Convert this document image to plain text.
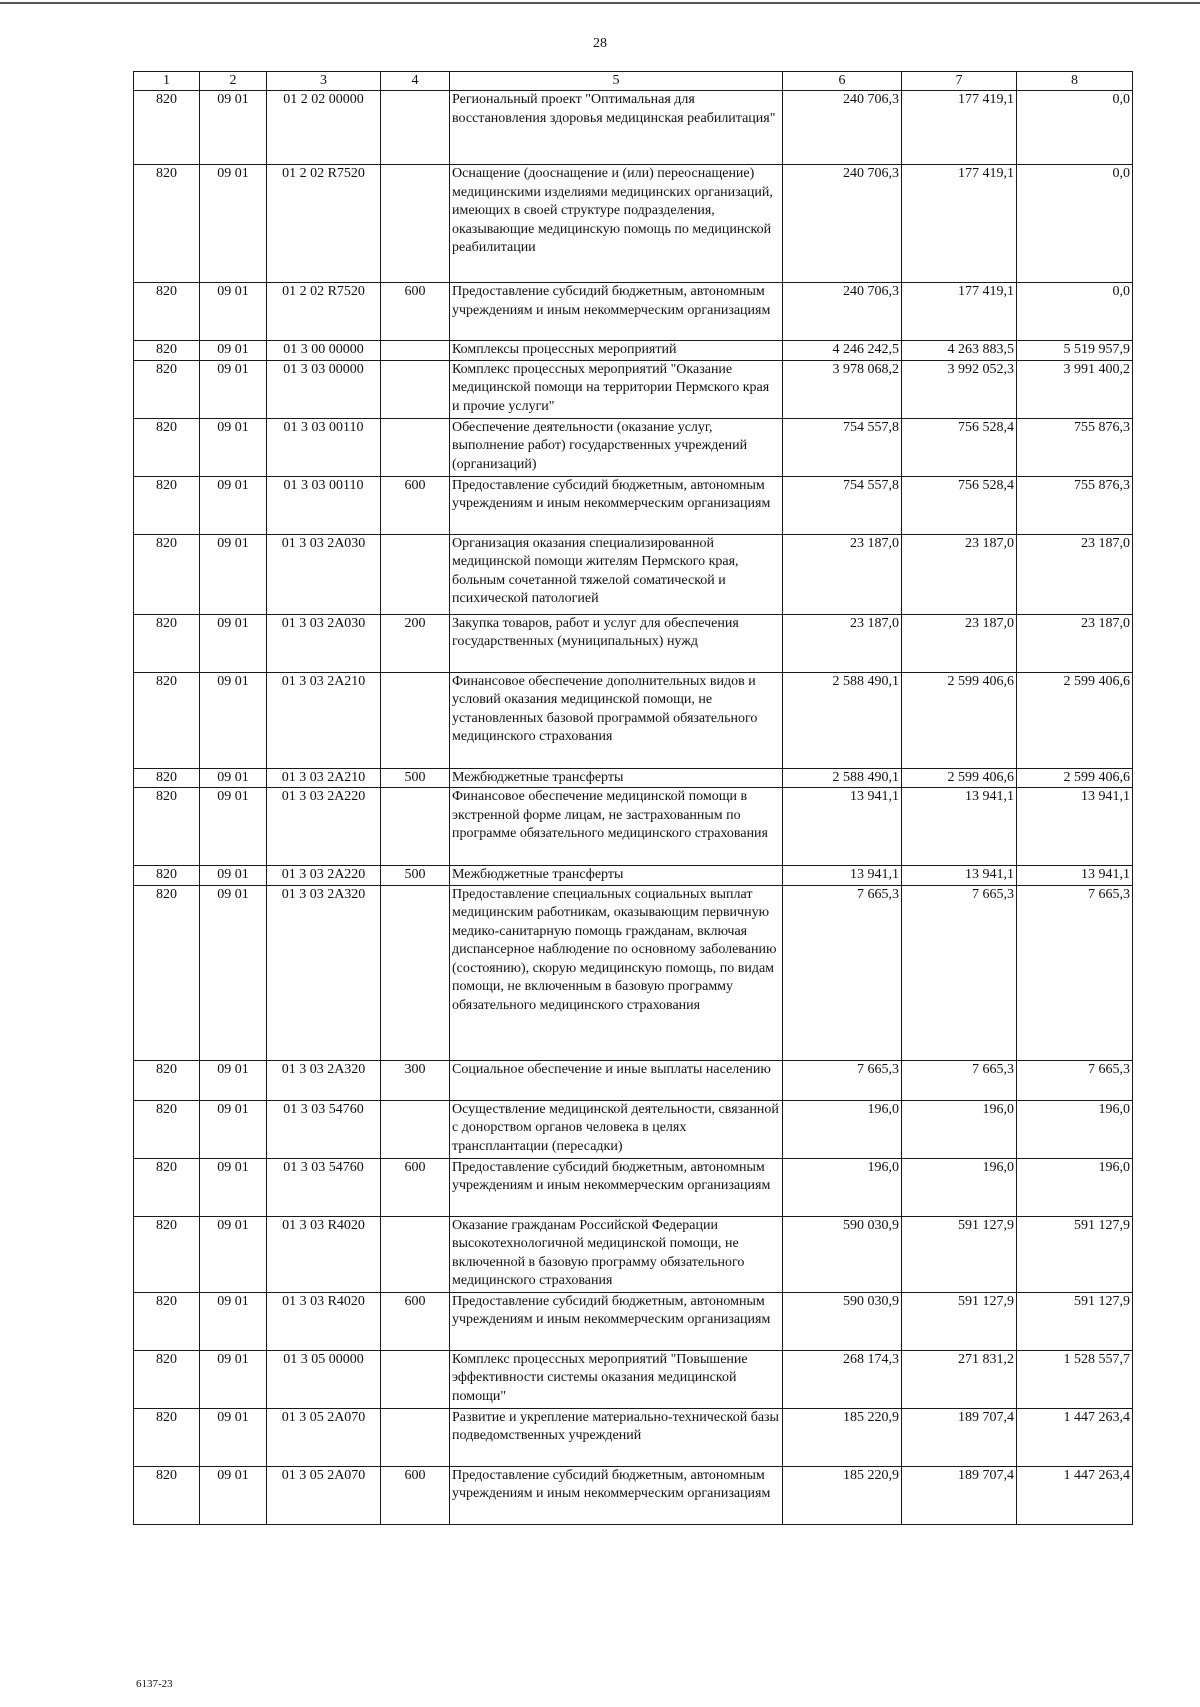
28
1	2	3	4	5	6	7	8
820	09 01	01 2 02 00000		Региональный проект "Оптимальная для восстановления здоровья медицинская реабилитация"	240 706,3	177 419,1	0,0
820	09 01	01 2 02 R7520		Оснащение (дооснащение и (или) переоснащение) медицинскими изделиями медицинских организаций, имеющих в своей структуре подразделения, оказывающие медицинскую помощь по медицинской реабилитации	240 706,3	177 419,1	0,0
820	09 01	01 2 02 R7520	600	Предоставление субсидий бюджетным, автономным учреждениям и иным некоммерческим организациям	240 706,3	177 419,1	0,0
820	09 01	01 3 00 00000		Комплексы процессных мероприятий	4 246 242,5	4 263 883,5	5 519 957,9
820	09 01	01 3 03 00000		Комплекс процессных мероприятий "Оказание медицинской помощи на территории Пермского края и прочие услуги"	3 978 068,2	3 992 052,3	3 991 400,2
820	09 01	01 3 03 00110		Обеспечение деятельности (оказание услуг, выполнение работ) государственных учреждений (организаций)	754 557,8	756 528,4	755 876,3
820	09 01	01 3 03 00110	600	Предоставление субсидий бюджетным, автономным учреждениям и иным некоммерческим организациям	754 557,8	756 528,4	755 876,3
820	09 01	01 3 03 2А030		Организация оказания специализированной медицинской помощи жителям Пермского края, больным сочетанной тяжелой соматической и психической патологией	23 187,0	23 187,0	23 187,0
820	09 01	01 3 03 2А030	200	Закупка товаров, работ и услуг для обеспечения государственных (муниципальных) нужд	23 187,0	23 187,0	23 187,0
820	09 01	01 3 03 2А210		Финансовое обеспечение дополнительных видов и условий оказания медицинской помощи, не установленных базовой программой обязательного медицинского страхования	2 588 490,1	2 599 406,6	2 599 406,6
820	09 01	01 3 03 2А210	500	Межбюджетные трансферты	2 588 490,1	2 599 406,6	2 599 406,6
820	09 01	01 3 03 2А220		Финансовое обеспечение медицинской помощи в экстренной форме лицам, не застрахованным по программе обязательного медицинского страхования	13 941,1	13 941,1	13 941,1
820	09 01	01 3 03 2А220	500	Межбюджетные трансферты	13 941,1	13 941,1	13 941,1
820	09 01	01 3 03 2А320		Предоставление специальных социальных выплат медицинским работникам, оказывающим первичную медико-санитарную помощь гражданам, включая диспансерное наблюдение по основному заболеванию (состоянию), скорую медицинскую помощь, по видам помощи, не включенным в базовую программу обязательного медицинского страхования	7 665,3	7 665,3	7 665,3
820	09 01	01 3 03 2А320	300	Социальное обеспечение и иные выплаты населению	7 665,3	7 665,3	7 665,3
820	09 01	01 3 03 54760		Осуществление медицинской деятельности, связанной с донорством органов человека в целях трансплантации (пересадки)	196,0	196,0	196,0
820	09 01	01 3 03 54760	600	Предоставление субсидий бюджетным, автономным учреждениям и иным некоммерческим организациям	196,0	196,0	196,0
820	09 01	01 3 03 R4020		Оказание гражданам Российской Федерации высокотехнологичной медицинской помощи, не включенной в базовую программу обязательного медицинского страхования	590 030,9	591 127,9	591 127,9
820	09 01	01 3 03 R4020	600	Предоставление субсидий бюджетным, автономным учреждениям и иным некоммерческим организациям	590 030,9	591 127,9	591 127,9
820	09 01	01 3 05 00000		Комплекс процессных мероприятий "Повышение эффективности системы оказания медицинской помощи"	268 174,3	271 831,2	1 528 557,7
820	09 01	01 3 05 2А070		Развитие и укрепление материально-технической базы подведомственных учреждений	185 220,9	189 707,4	1 447 263,4
820	09 01	01 3 05 2А070	600	Предоставление субсидий бюджетным, автономным учреждениям и иным некоммерческим организациям	185 220,9	189 707,4	1 447 263,4
6137-23
